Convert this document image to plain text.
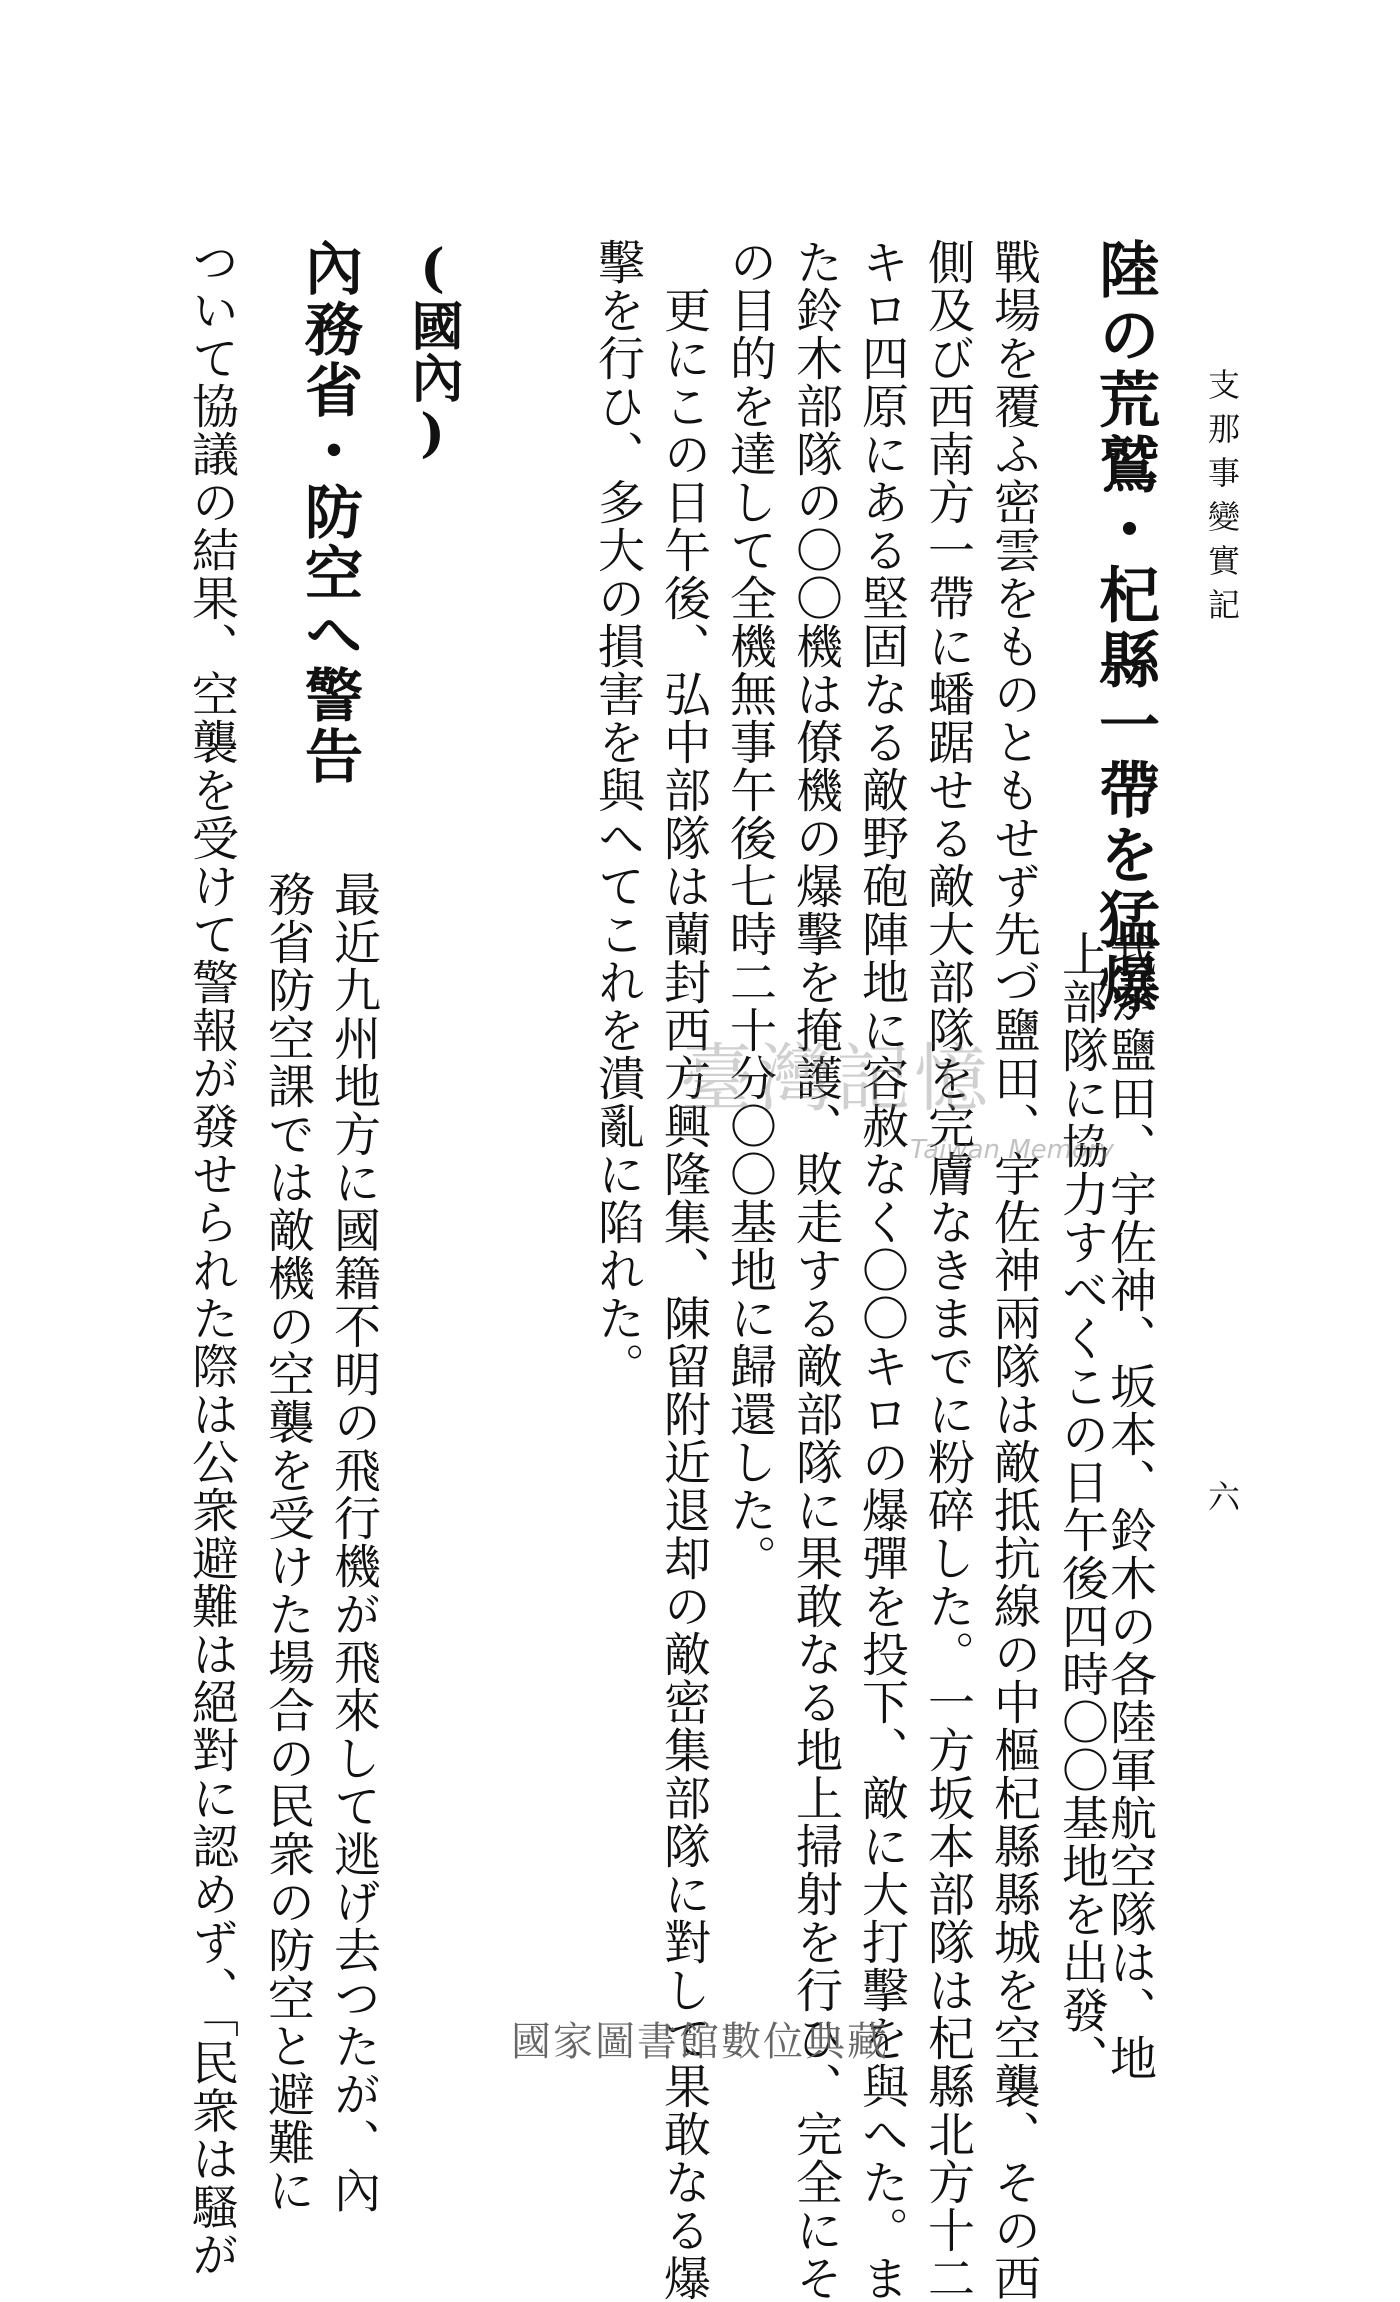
支那事變實記
六
陸の荒鷲・杞縣一帶を猛爆
我が鹽田、宇佐神、坂本、鈴木の各陸軍航空隊は、地
上部隊に協力すべくこの日午後四時〇〇基地を出發、
戰場を覆ふ密雲をものともせず先づ鹽田、宇佐神兩隊は敵抵抗線の中樞杞縣縣城を空襲、その西
側及び西南方一帶に蟠踞せる敵大部隊を完膚なきまでに粉碎した。一方坂本部隊は杞縣北方十二
キロ四原にある堅固なる敵野砲陣地に容赦なく〇〇キロの爆彈を投下、敵に大打擊を與へた。ま
た鈴木部隊の〇〇機は僚機の爆擊を掩護、敗走する敵部隊に果敢なる地上掃射を行ひ、完全にそ
の目的を達して全機無事午後七時二十分〇〇基地に歸還した。
　更にこの日午後、弘中部隊は蘭封西方興隆集、陳留附近退却の敵密集部隊に對して果敢なる爆
擊を行ひ、多大の損害を與へてこれを潰亂に陷れた。
(國內)
內務省・防空へ警告
最近九州地方に國籍不明の飛行機が飛來して逃げ去つたが、內
務省防空課では敵機の空襲を受けた場合の民衆の防空と避難に
ついて協議の結果、空襲を受けて警報が發せられた際は公衆避難は絕對に認めず、「民衆は騷が	臺灣記憶
Taiwan Memory
國家圖書館數位典藏
